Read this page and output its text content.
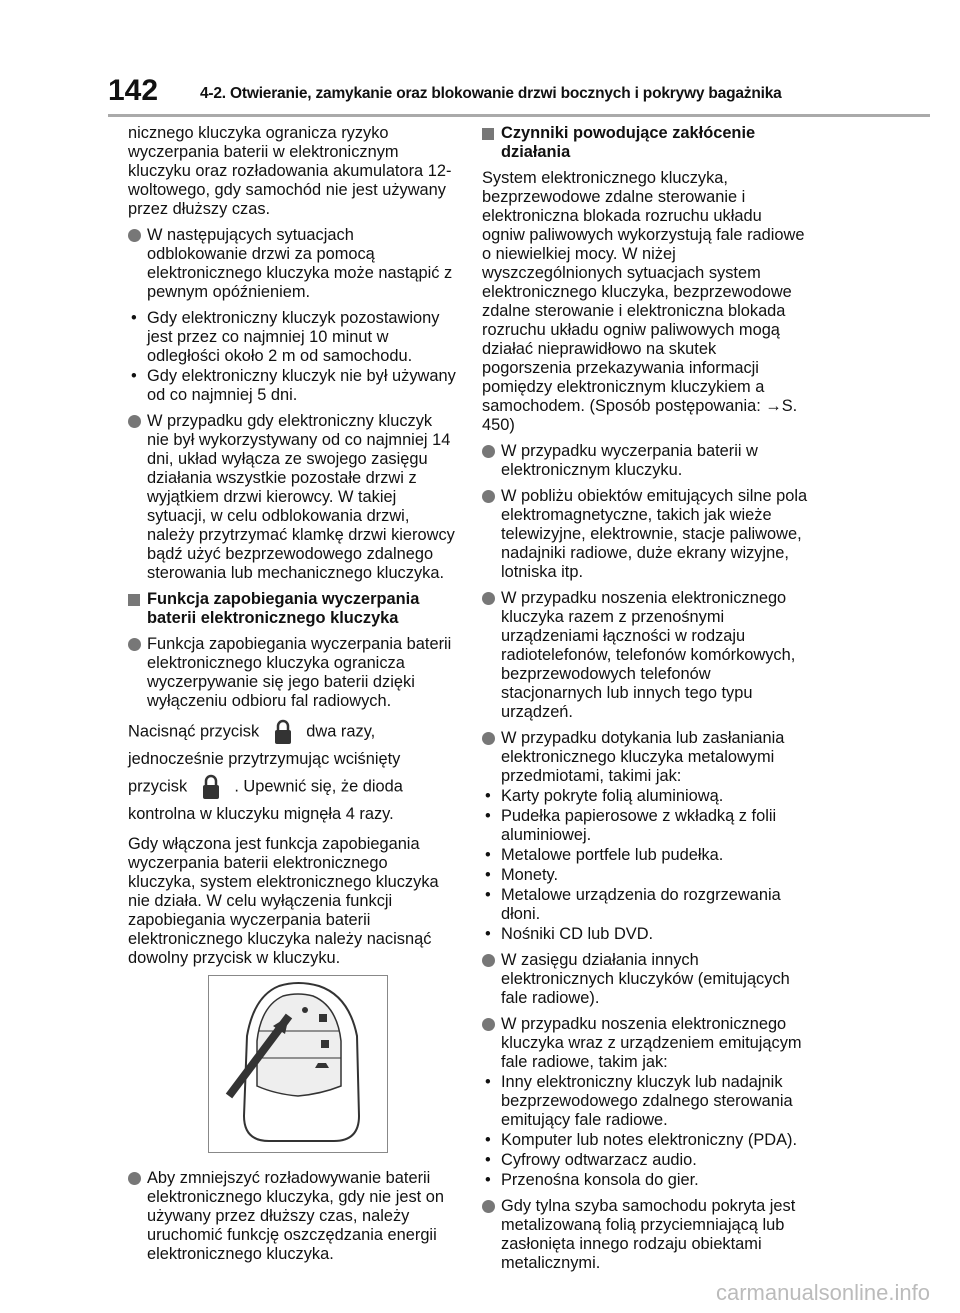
142	4-2. Otwieranie, zamykanie oraz blokowanie drzwi bocznych i pokrywy bagażnika

nicznego kluczyka ogranicza ryzyko wyczerpania baterii w elektronicznym kluczyku oraz rozładowania akumulatora 12-woltowego, gdy samochód nie jest używany przez dłuższy czas.

W następujących sytuacjach odblokowanie drzwi za pomocą elektronicznego kluczyka może nastąpić z pewnym opóźnieniem.
• Gdy elektroniczny kluczyk pozostawiony jest przez co najmniej 10 minut w odległości około 2 m od samochodu.
• Gdy elektroniczny kluczyk nie był używany od co najmniej 5 dni.
W przypadku gdy elektroniczny kluczyk nie był wykorzystywany od co najmniej 14 dni, układ wyłącza ze swojego zasięgu działania wszystkie pozostałe drzwi z wyjątkiem drzwi kierowcy. W takiej sytuacji, w celu odblokowania drzwi, należy przytrzymać klamkę drzwi kierowcy bądź użyć bezprzewodowego zdalnego sterowania lub mechanicznego kluczyka.
Funkcja zapobiegania wyczerpania baterii elektronicznego kluczyka
Funkcja zapobiegania wyczerpania baterii elektronicznego kluczyka ogranicza wyczerpywanie się jego baterii dzięki wyłączeniu odbioru fal radiowych.

Nacisnąć przycisk	dwa razy, jednocześnie przytrzymując wciśnięty przycisk	. Upewnić się, że dioda kontrolna w kluczyku mignęła 4 razy.

Gdy włączona jest funkcja zapobiegania wyczerpania baterii elektronicznego kluczyka, system elektronicznego kluczyka nie działa. W celu wyłączenia funkcji zapobiegania wyczerpania baterii elektronicznego kluczyka należy nacisnąć dowolny przycisk w kluczyku.

Aby zmniejszyć rozładowywanie baterii elektronicznego kluczyka, gdy nie jest on używany przez dłuższy czas, należy uruchomić funkcję oszczędzania energii elektronicznego kluczyka.
Czynniki powodujące zakłócenie działania

System elektronicznego kluczyka, bezprzewodowe zdalne sterowanie i elektroniczna blokada rozruchu układu ogniw paliwowych wykorzystują fale radiowe o niewielkiej mocy. W niżej wyszczególnionych sytuacjach system elektronicznego kluczyka, bezprzewodowe zdalne sterowanie i elektroniczna blokada rozruchu układu ogniw paliwowych mogą działać nieprawidłowo na skutek pogorszenia przekazywania informacji pomiędzy elektronicznym kluczykiem a samochodem. (Sposób postępowania: →S. 450)

W przypadku wyczerpania baterii w elektronicznym kluczyku.
W pobliżu obiektów emitujących silne pola elektromagnetyczne, takich jak wieże telewizyjne, elektrownie, stacje paliwowe, nadajniki radiowe, duże ekrany wizyjne, lotniska itp.
W przypadku noszenia elektronicznego kluczyka razem z przenośnymi urządzeniami łączności w rodzaju radiotelefonów, telefonów komórkowych, bezprzewodowych telefonów stacjonarnych lub innych tego typu urządzeń.
W przypadku dotykania lub zasłaniania elektronicznego kluczyka metalowymi przedmiotami, takimi jak:
• Karty pokryte folią aluminiową.
• Pudełka papierosowe z wkładką z folii aluminiowej.
• Metalowe portfele lub pudełka.
• Monety.
• Metalowe urządzenia do rozgrzewania dłoni.
• Nośniki CD lub DVD.
W zasięgu działania innych elektronicznych kluczyków (emitujących fale radiowe).
W przypadku noszenia elektronicznego kluczyka wraz z urządzeniem emitującym fale radiowe, takim jak:
• Inny elektroniczny kluczyk lub nadajnik bezprzewodowego zdalnego sterowania emitujący fale radiowe.
• Komputer lub notes elektroniczny (PDA).
• Cyfrowy odtwarzacz audio.
• Przenośna konsola do gier.
Gdy tylna szyba samochodu pokryta jest metalizowaną folią przyciemniającą lub zasłonięta innego rodzaju obiektami metalicznymi.
carmanualsonline.info
